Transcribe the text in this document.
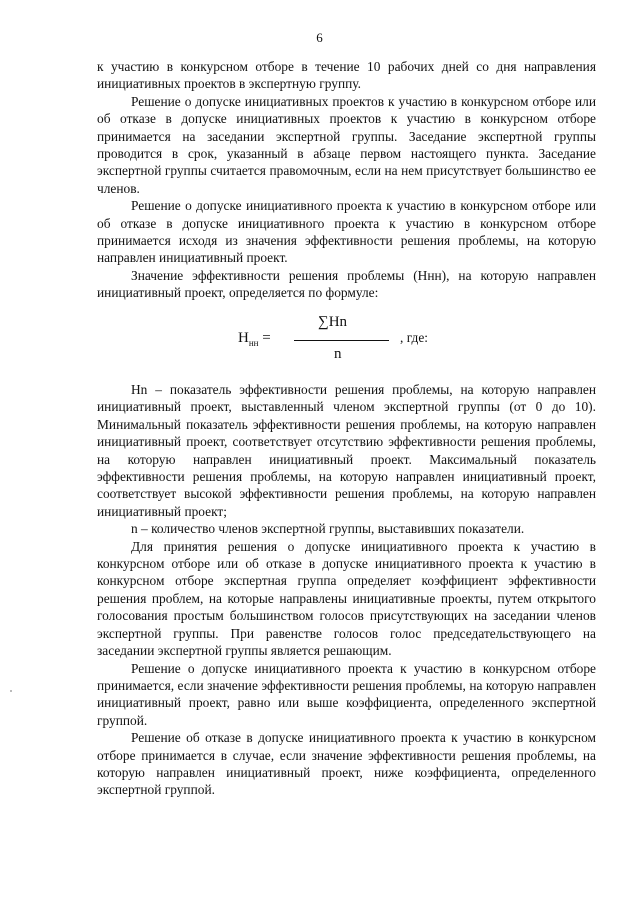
6

к участию в конкурсном отборе в течение 10 рабочих дней со дня направления инициативных проектов в экспертную группу.

Решение о допуске инициативных проектов к участию в конкурсном отборе или об отказе в допуске инициативных проектов к участию в конкурсном отборе принимается на заседании экспертной группы. Заседание экспертной группы проводится в срок, указанный в абзаце первом настоящего пункта. Заседание экспертной группы считается правомочным, если на нем присутствует большинство ее членов.

Решение о допуске инициативного проекта к участию в конкурсном отборе или об отказе в допуске инициативного проекта к участию в конкурсном отборе принимается исходя из значения эффективности решения проблемы, на которую направлен инициативный проект.

Значение эффективности решения проблемы (Hнн), на которую направлен инициативный проект, определяется по формуле:

$H_{нн}$ =
∑Hn
n
, где:

Hn – показатель эффективности решения проблемы, на которую направлен инициативный проект, выставленный членом экспертной группы (от 0 до 10). Минимальный показатель эффективности решения проблемы, на которую направлен инициативный проект, соответствует отсутствию эффективности решения проблемы, на которую направлен инициативный проект. Максимальный показатель эффективности решения проблемы, на которую направлен инициативный проект, соответствует высокой эффективности решения проблемы, на которую направлен инициативный проект;

n – количество членов экспертной группы, выставивших показатели.

Для принятия решения о допуске инициативного проекта к участию в конкурсном отборе или об отказе в допуске инициативного проекта к участию в конкурсном отборе экспертная группа определяет коэффициент эффективности решения проблем, на которые направлены инициативные проекты, путем открытого голосования простым большинством голосов присутствующих на заседании членов экспертной группы. При равенстве голосов голос председательствующего на заседании экспертной группы является решающим.

Решение о допуске инициативного проекта к участию в конкурсном отборе принимается, если значение эффективности решения проблемы, на которую направлен инициативный проект, равно или выше коэффициента, определенного экспертной группой.

Решение об отказе в допуске инициативного проекта к участию в конкурсном отборе принимается в случае, если значение эффективности решения проблемы, на которую направлен инициативный проект, ниже коэффициента, определенного экспертной группой.
